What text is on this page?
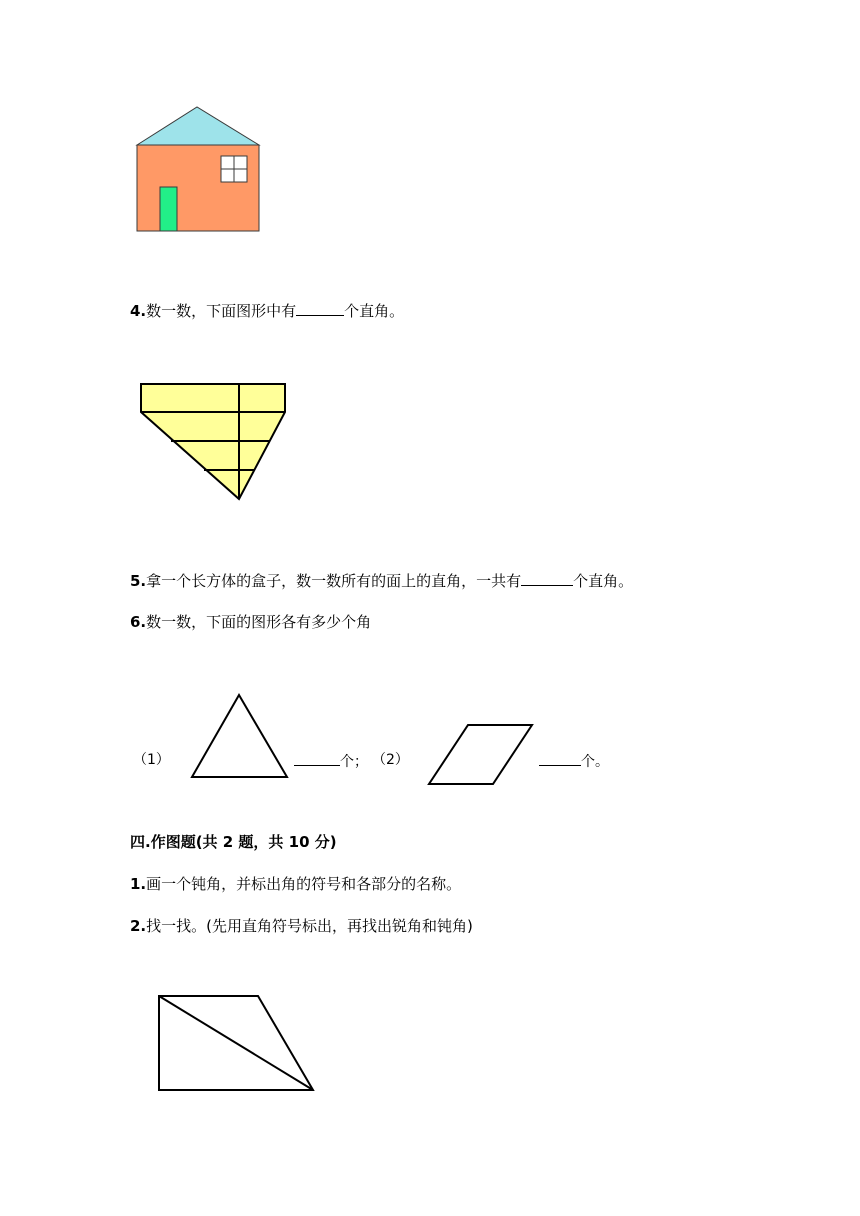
4.数一数，下面图形中有	个直角。
5.拿一个长方体的盒子，数一数所有的面上的直角，一共有	个直角。
6.数一数，下面的图形各有多少个角
（1）	个； （2）	个。
四.作图题(共 2 题，共 10 分)
1.画一个钝角，并标出角的符号和各部分的名称。
2.找一找。(先用直角符号标出，再找出锐角和钝角)
